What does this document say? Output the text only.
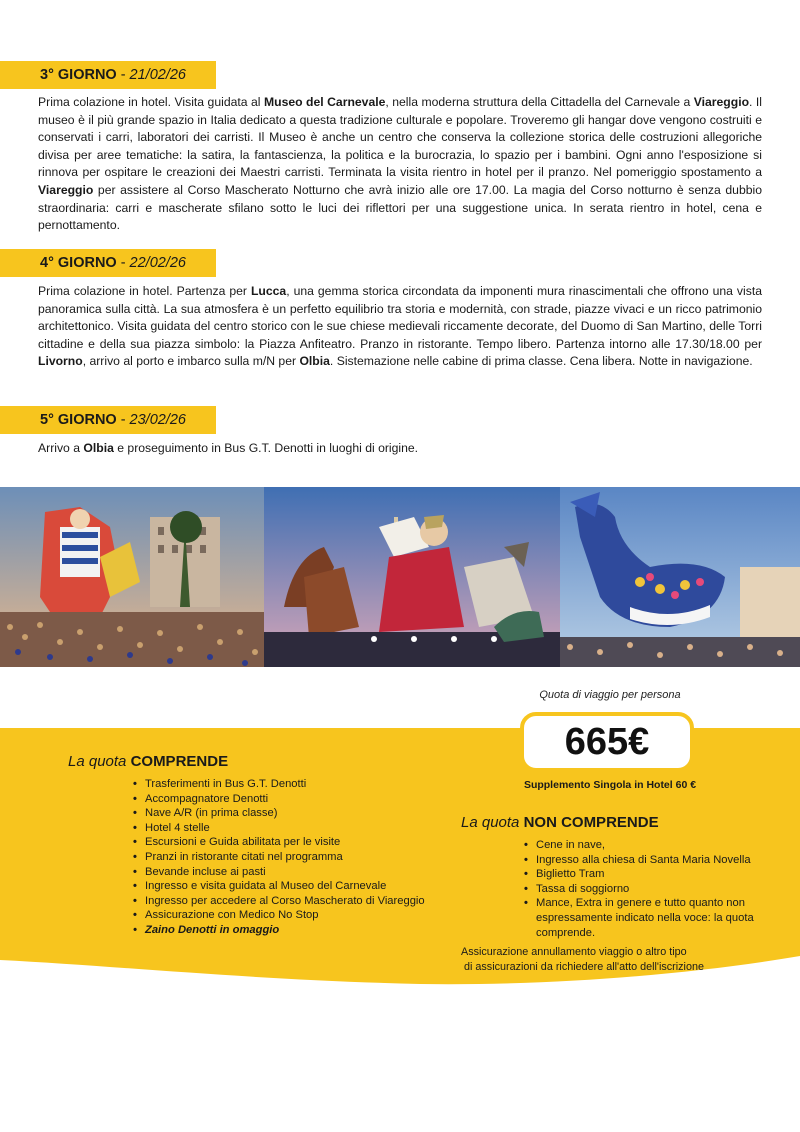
3° GIORNO - 21/02/26
Prima colazione in hotel. Visita guidata al Museo del Carnevale, nella moderna struttura della Cittadella del Carnevale a Viareggio. Il museo è il più grande spazio in Italia dedicato a questa tradizione culturale e popolare. Troveremo gli hangar dove vengono costruiti e conservati i carri, laboratori dei carristi. Il Museo è anche un centro che conserva la collezione storica delle costruzioni allegoriche divisa per aree tematiche: la satira, la fantascienza, la politica e la burocrazia, lo spazio per i bambini. Ogni anno l'esposizione si rinnova per ospitare le creazioni dei Maestri carristi. Terminata la visita rientro in hotel per il pranzo. Nel pomeriggio spostamento a Viareggio per assistere al Corso Mascherato Notturno che avrà inizio alle ore 17.00. La magia del Corso notturno è senza dubbio straordinaria: carri e mascherate sfilano sotto le luci dei riflettori per una suggestione unica. In serata rientro in hotel, cena e pernottamento.
4° GIORNO - 22/02/26
Prima colazione in hotel. Partenza per Lucca, una gemma storica circondata da imponenti mura rinascimentali che offrono una vista panoramica sulla città. La sua atmosfera è un perfetto equilibrio tra storia e modernità, con strade, piazze vivaci e un ricco patrimonio architettonico. Visita guidata del centro storico con le sue chiese medievali riccamente decorate, del Duomo di San Martino, delle Torri cittadine e della sua piazza simbolo: la Piazza Anfiteatro. Pranzo in ristorante. Tempo libero. Partenza intorno alle 17.30/18.00 per Livorno, arrivo al porto e imbarco sulla m/N per Olbia. Sistemazione nelle cabine di prima classe. Cena libera. Notte in navigazione.
5° GIORNO - 23/02/26
Arrivo a Olbia e proseguimento in Bus G.T. Denotti in luoghi di origine.
Quota di viaggio per persona
665€
Supplemento Singola in Hotel 60 €
La quota COMPRENDE
• Trasferimenti in Bus G.T. Denotti
• Accompagnatore Denotti
• Nave A/R (in prima classe)
• Hotel 4 stelle
• Escursioni e Guida abilitata per le visite
• Pranzi in ristorante citati nel programma
• Bevande incluse ai pasti
• Ingresso e visita guidata al Museo del Carnevale
• Ingresso per accedere al Corso Mascherato di Viareggio
• Assicurazione con Medico No Stop
• Zaino Denotti in omaggio
La quota NON COMPRENDE
• Cene in nave,
• Ingresso alla chiesa di Santa Maria Novella
• Biglietto Tram
• Tassa di soggiorno
• Mance, Extra in genere e tutto quanto non espressamente indicato nella voce: la quota comprende.
Assicurazione annullamento viaggio o altro tipo
di assicurazioni da richiedere all'atto dell'iscrizione
